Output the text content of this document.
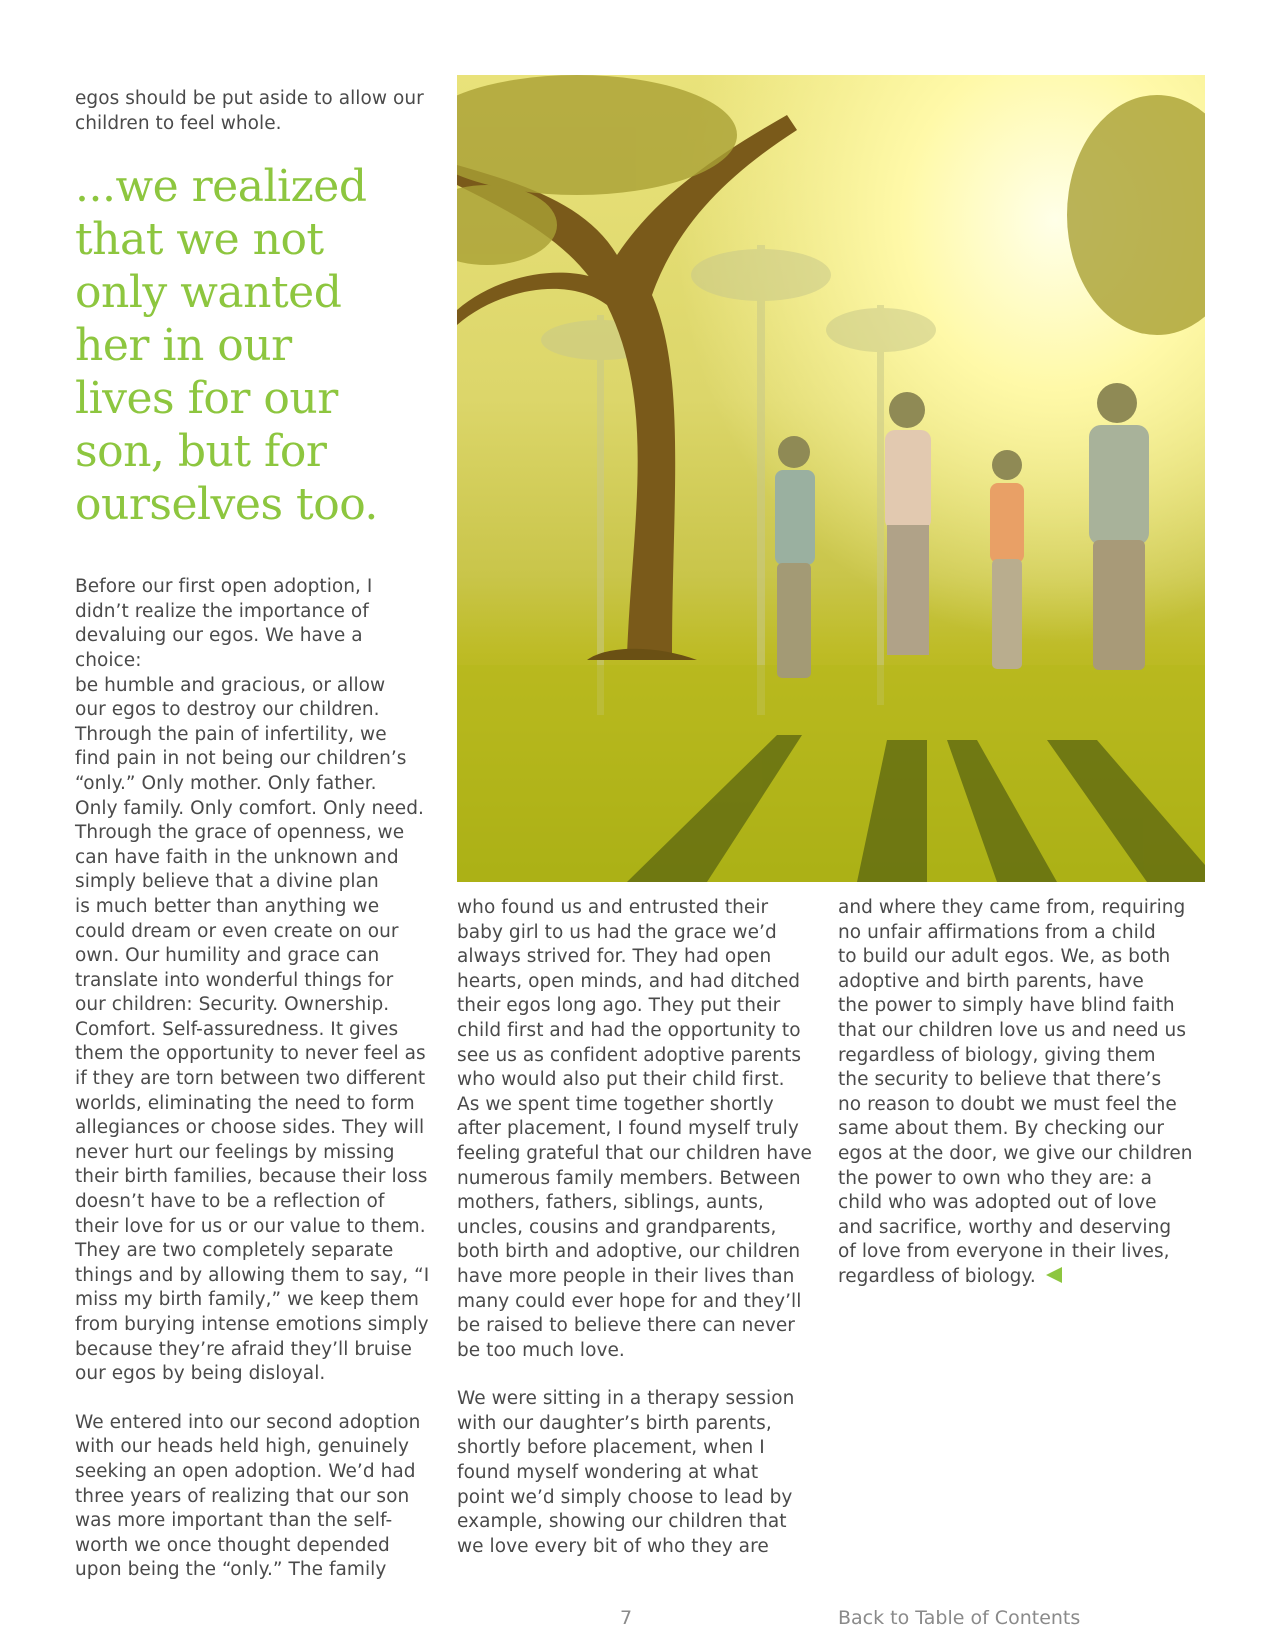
egos should be put aside to allow our
children to feel whole.

...we realized
that we not
only wanted
her in our
lives for our
son, but for
ourselves too.

Before our first open adoption, I
didn’t realize the importance of
devaluing our egos. We have a choice:
be humble and gracious, or allow
our egos to destroy our children.
Through the pain of infertility, we
find pain in not being our children’s
“only.” Only mother. Only father.
Only family. Only comfort. Only need.
Through the grace of openness, we
can have faith in the unknown and
simply believe that a divine plan
is much better than anything we
could dream or even create on our
own. Our humility and grace can
translate into wonderful things for
our children: Security. Ownership.
Comfort. Self-assuredness. It gives
them the opportunity to never feel as
if they are torn between two different
worlds, eliminating the need to form
allegiances or choose sides. They will
never hurt our feelings by missing
their birth families, because their loss
doesn’t have to be a reflection of
their love for us or our value to them.
They are two completely separate
things and by allowing them to say, “I
miss my birth family,” we keep them
from burying intense emotions simply
because they’re afraid they’ll bruise
our egos by being disloyal.

We entered into our second adoption
with our heads held high, genuinely
seeking an open adoption. We’d had
three years of realizing that our son
was more important than the self-
worth we once thought depended
upon being the “only.” The family

who found us and entrusted their
baby girl to us had the grace we’d
always strived for. They had open
hearts, open minds, and had ditched
their egos long ago. They put their
child first and had the opportunity to
see us as confident adoptive parents
who would also put their child first.
As we spent time together shortly
after placement, I found myself truly
feeling grateful that our children have
numerous family members. Between
mothers, fathers, siblings, aunts,
uncles, cousins and grandparents,
both birth and adoptive, our children
have more people in their lives than
many could ever hope for and they’ll
be raised to believe there can never
be too much love.

We were sitting in a therapy session
with our daughter’s birth parents,
shortly before placement, when I
found myself wondering at what
point we’d simply choose to lead by
example, showing our children that
we love every bit of who they are

and where they came from, requiring
no unfair affirmations from a child
to build our adult egos. We, as both
adoptive and birth parents, have
the power to simply have blind faith
that our children love us and need us
regardless of biology, giving them
the security to believe that there’s
no reason to doubt we must feel the
same about them. By checking our
egos at the door, we give our children
the power to own who they are: a
child who was adopted out of love
and sacrifice, worthy and deserving
of love from everyone in their lives,
regardless of biology.

7	Back to Table of Contents
